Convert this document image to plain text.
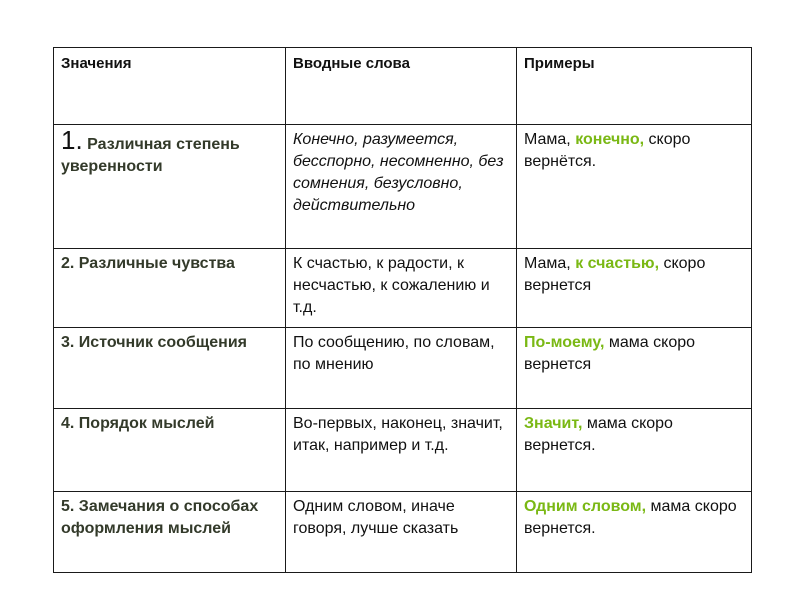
Значения	Вводные слова	Примеры
1. Различная степень уверенности	Конечно, разумеется, бесспорно, несомненно, без сомнения, безусловно, действительно	Мама, конечно, скоро вернётся.
2. Различные чувства	К счастью, к радости, к несчастью, к сожалению и т.д.	Мама, к счастью, скоро вернется
3. Источник сообщения	По сообщению, по словам, по мнению	По-моему, мама скоро вернется
4. Порядок мыслей	Во-первых, наконец, значит, итак, например и т.д.	Значит, мама скоро вернется.
5. Замечания о способах оформления мыслей	Одним словом, иначе говоря, лучше сказать	Одним словом, мама скоро вернется.
